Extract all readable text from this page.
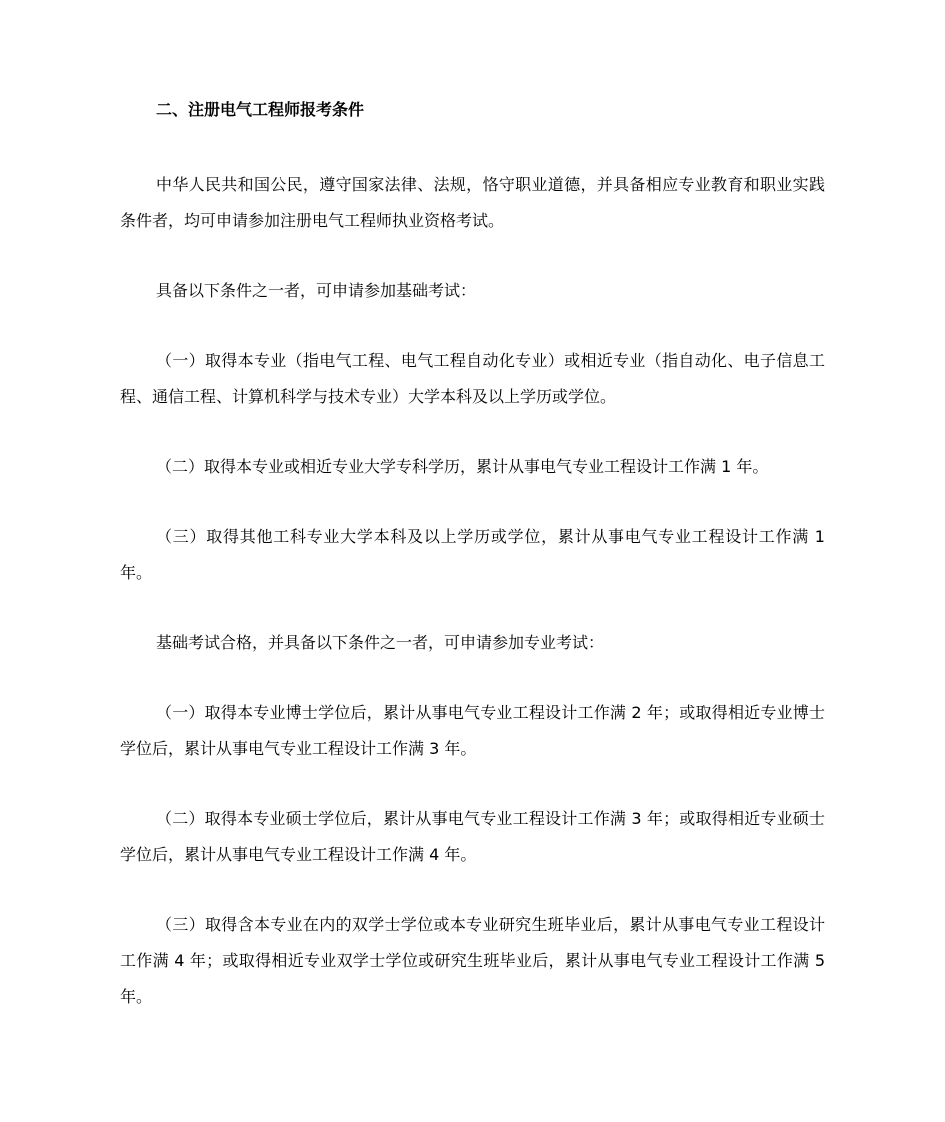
二、注册电气工程师报考条件

中华人民共和国公民，遵守国家法律、法规，恪守职业道德，并具备相应专业教育和职业实践条件者，均可申请参加注册电气工程师执业资格考试。

具备以下条件之一者，可申请参加基础考试：

（一）取得本专业（指电气工程、电气工程自动化专业）或相近专业（指自动化、电子信息工程、通信工程、计算机科学与技术专业）大学本科及以上学历或学位。

（二）取得本专业或相近专业大学专科学历，累计从事电气专业工程设计工作满 1 年。

（三）取得其他工科专业大学本科及以上学历或学位，累计从事电气专业工程设计工作满 1 年。

基础考试合格，并具备以下条件之一者，可申请参加专业考试：

（一）取得本专业博士学位后，累计从事电气专业工程设计工作满 2 年；或取得相近专业博士学位后，累计从事电气专业工程设计工作满 3 年。

（二）取得本专业硕士学位后，累计从事电气专业工程设计工作满 3 年；或取得相近专业硕士学位后，累计从事电气专业工程设计工作满 4 年。

（三）取得含本专业在内的双学士学位或本专业研究生班毕业后，累计从事电气专业工程设计工作满 4 年；或取得相近专业双学士学位或研究生班毕业后，累计从事电气专业工程设计工作满 5 年。
